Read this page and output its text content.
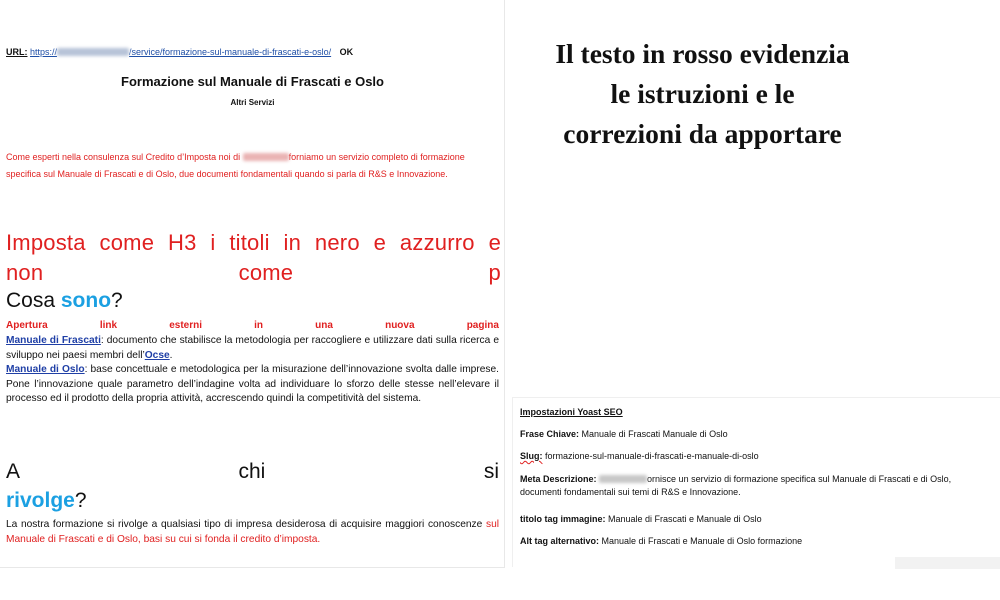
URL: https://	/service/formazione-sul-manuale-di-frascati-e-oslo/ OK
Formazione sul Manuale di Frascati e Oslo
Altri Servizi
Come esperti nella consulenza sul Credito d’Imposta noi di	forniamo un servizio completo di formazione specifica sul Manuale di Frascati e di Oslo, due documenti fondamentali quando si parla di R&S e Innovazione.
Imposta come H3 i titoli in nero e azzurro e
non	come	p
Cosa sono?
Apertura	link	esterni	in	una	nuova	pagina
Manuale di Frascati: documento che stabilisce la metodologia per raccogliere e utilizzare dati sulla ricerca e sviluppo nei paesi membri dell’Ocse.
Manuale di Oslo: base concettuale e metodologica per la misurazione dell’innovazione svolta dalle imprese. Pone l’innovazione quale parametro dell’indagine volta ad individuare lo sforzo delle stesse nell’elevare il processo ed il prodotto della propria attività, accrescendo quindi la competitività del sistema.
A	chi	si
rivolge?
La nostra formazione si rivolge a qualsiasi tipo di impresa desiderosa di acquisire maggiori conoscenze sul Manuale di Frascati e di Oslo, basi su cui si fonda il credito d’imposta.
Il testo in rosso evidenzia
le istruzioni e le
correzioni da apportare
Impostazioni Yoast SEO
Frase Chiave: Manuale di Frascati Manuale di Oslo
Slug: formazione-sul-manuale-di-frascati-e-manuale-di-oslo
Meta Descrizione:	ornisce un servizio di formazione specifica sul Manuale di Frascati e di Oslo,
documenti fondamentali sui temi di R&S e Innovazione.
titolo tag immagine: Manuale di Frascati e Manuale di Oslo
Alt tag alternativo: Manuale di Frascati e Manuale di Oslo formazione
